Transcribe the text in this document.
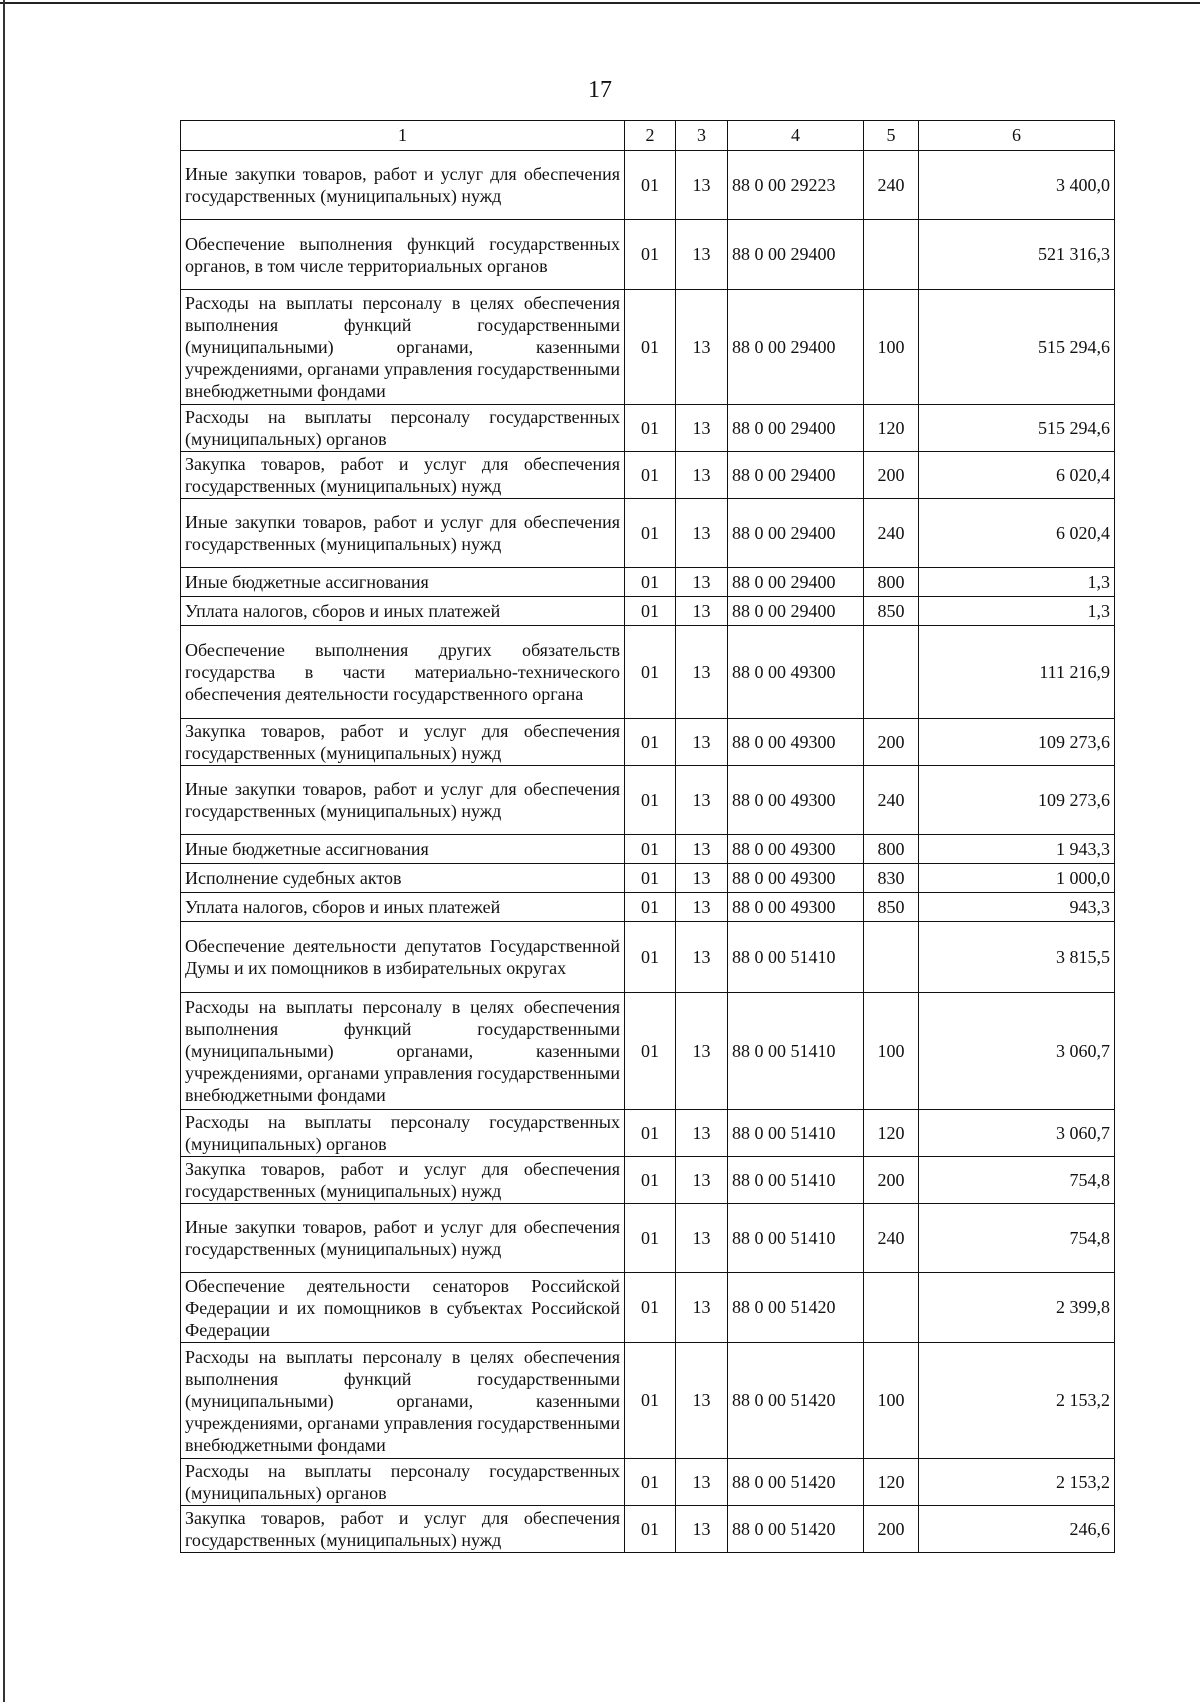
17
1	2	3	4	5	6
Иные закупки товаров, работ и услуг для обеспечения государственных (муниципальных) нужд	01	13	88 0 00 29223	240	3 400,0
Обеспечение выполнения функций государственных органов, в том числе территориальных органов	01	13	88 0 00 29400		521 316,3
Расходы на выплаты персоналу в целях обеспечения выполнения функций государственными (муниципальными) органами, казенными учреждениями, органами управления государственными внебюджетными фондами	01	13	88 0 00 29400	100	515 294,6
Расходы на выплаты персоналу государственных (муниципальных) органов	01	13	88 0 00 29400	120	515 294,6
Закупка товаров, работ и услуг для обеспечения государственных (муниципальных) нужд	01	13	88 0 00 29400	200	6 020,4
Иные закупки товаров, работ и услуг для обеспечения государственных (муниципальных) нужд	01	13	88 0 00 29400	240	6 020,4
Иные бюджетные ассигнования	01	13	88 0 00 29400	800	1,3
Уплата налогов, сборов и иных платежей	01	13	88 0 00 29400	850	1,3
Обеспечение выполнения других обязательств государства в части материально-технического обеспечения деятельности государственного органа	01	13	88 0 00 49300		111 216,9
Закупка товаров, работ и услуг для обеспечения государственных (муниципальных) нужд	01	13	88 0 00 49300	200	109 273,6
Иные закупки товаров, работ и услуг для обеспечения государственных (муниципальных) нужд	01	13	88 0 00 49300	240	109 273,6
Иные бюджетные ассигнования	01	13	88 0 00 49300	800	1 943,3
Исполнение судебных актов	01	13	88 0 00 49300	830	1 000,0
Уплата налогов, сборов и иных платежей	01	13	88 0 00 49300	850	943,3
Обеспечение деятельности депутатов Государственной Думы и их помощников в избирательных округах	01	13	88 0 00 51410		3 815,5
Расходы на выплаты персоналу в целях обеспечения выполнения функций государственными (муниципальными) органами, казенными учреждениями, органами управления государственными внебюджетными фондами	01	13	88 0 00 51410	100	3 060,7
Расходы на выплаты персоналу государственных (муниципальных) органов	01	13	88 0 00 51410	120	3 060,7
Закупка товаров, работ и услуг для обеспечения государственных (муниципальных) нужд	01	13	88 0 00 51410	200	754,8
Иные закупки товаров, работ и услуг для обеспечения государственных (муниципальных) нужд	01	13	88 0 00 51410	240	754,8
Обеспечение деятельности сенаторов Российской Федерации и их помощников в субъектах Российской Федерации	01	13	88 0 00 51420		2 399,8
Расходы на выплаты персоналу в целях обеспечения выполнения функций государственными (муниципальными) органами, казенными учреждениями, органами управления государственными внебюджетными фондами	01	13	88 0 00 51420	100	2 153,2
Расходы на выплаты персоналу государственных (муниципальных) органов	01	13	88 0 00 51420	120	2 153,2
Закупка товаров, работ и услуг для обеспечения государственных (муниципальных) нужд	01	13	88 0 00 51420	200	246,6
